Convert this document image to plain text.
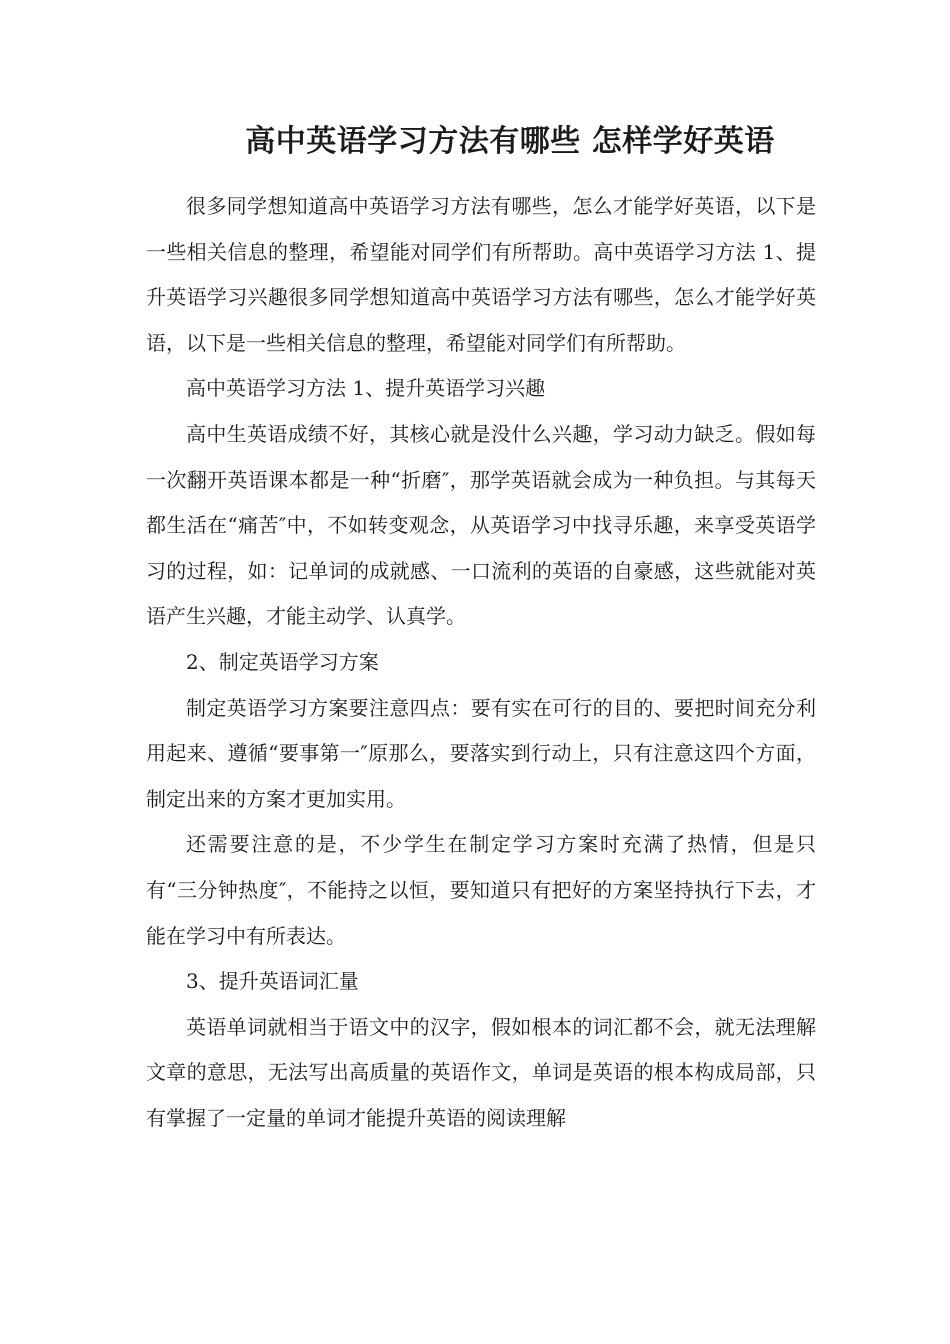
高中英语学习方法有哪些 怎样学好英语

很多同学想知道高中英语学习方法有哪些，怎么才能学好英语，以下是一些相关信息的整理，希望能对同学们有所帮助。高中英语学习方法 1、提升英语学习兴趣很多同学想知道高中英语学习方法有哪些，怎么才能学好英语，以下是一些相关信息的整理，希望能对同学们有所帮助。

高中英语学习方法 1、提升英语学习兴趣

高中生英语成绩不好，其核心就是没什么兴趣，学习动力缺乏。假如每一次翻开英语课本都是一种“折磨″，那学英语就会成为一种负担。与其每天都生活在“痛苦″中，不如转变观念，从英语学习中找寻乐趣，来享受英语学习的过程，如：记单词的成就感、一口流利的英语的自豪感，这些就能对英语产生兴趣，才能主动学、认真学。

2、制定英语学习方案

制定英语学习方案要注意四点：要有实在可行的目的、要把时间充分利用起来、遵循“要事第一″原那么，要落实到行动上，只有注意这四个方面，制定出来的方案才更加实用。

还需要注意的是，不少学生在制定学习方案时充满了热情，但是只有“三分钟热度″，不能持之以恒，要知道只有把好的方案坚持执行下去，才能在学习中有所表达。

3、提升英语词汇量

英语单词就相当于语文中的汉字，假如根本的词汇都不会，就无法理解文章的意思，无法写出高质量的英语作文，单词是英语的根本构成局部，只有掌握了一定量的单词才能提升英语的阅读理解
